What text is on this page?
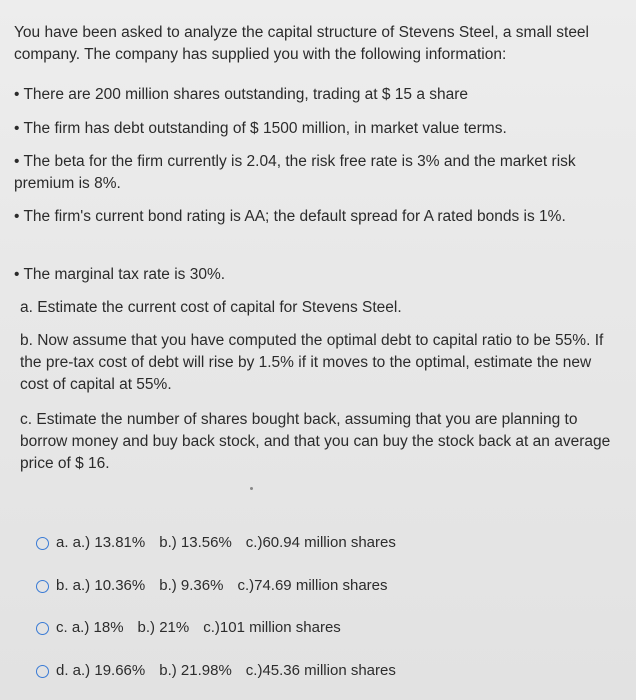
You have been asked to analyze the capital structure of Stevens Steel, a small steel company. The company has supplied you with the following information:
• There are 200 million shares outstanding, trading at $ 15 a share
• The firm has debt outstanding of $ 1500 million, in market value terms.
• The beta for the firm currently is 2.04, the risk free rate is 3% and the market risk premium is 8%.
• The firm's current bond rating is AA; the default spread for A rated bonds is 1%.
• The marginal tax rate is 30%.
a. Estimate the current cost of capital for Stevens Steel.
b. Now assume that you have computed the optimal debt to capital ratio to be 55%. If the pre-tax cost of debt will rise by 1.5% if it moves to the optimal, estimate the new cost of capital at 55%.
c. Estimate the number of shares bought back, assuming that you are planning to borrow money and buy back stock, and that you can buy the stock back at an average price of $ 16.
a. a.) 13.81% b.) 13.56% c.)60.94 million shares
b. a.) 10.36% b.) 9.36% c.)74.69 million shares
c. a.) 18% b.) 21% c.)101 million shares
d. a.) 19.66% b.) 21.98% c.)45.36 million shares
